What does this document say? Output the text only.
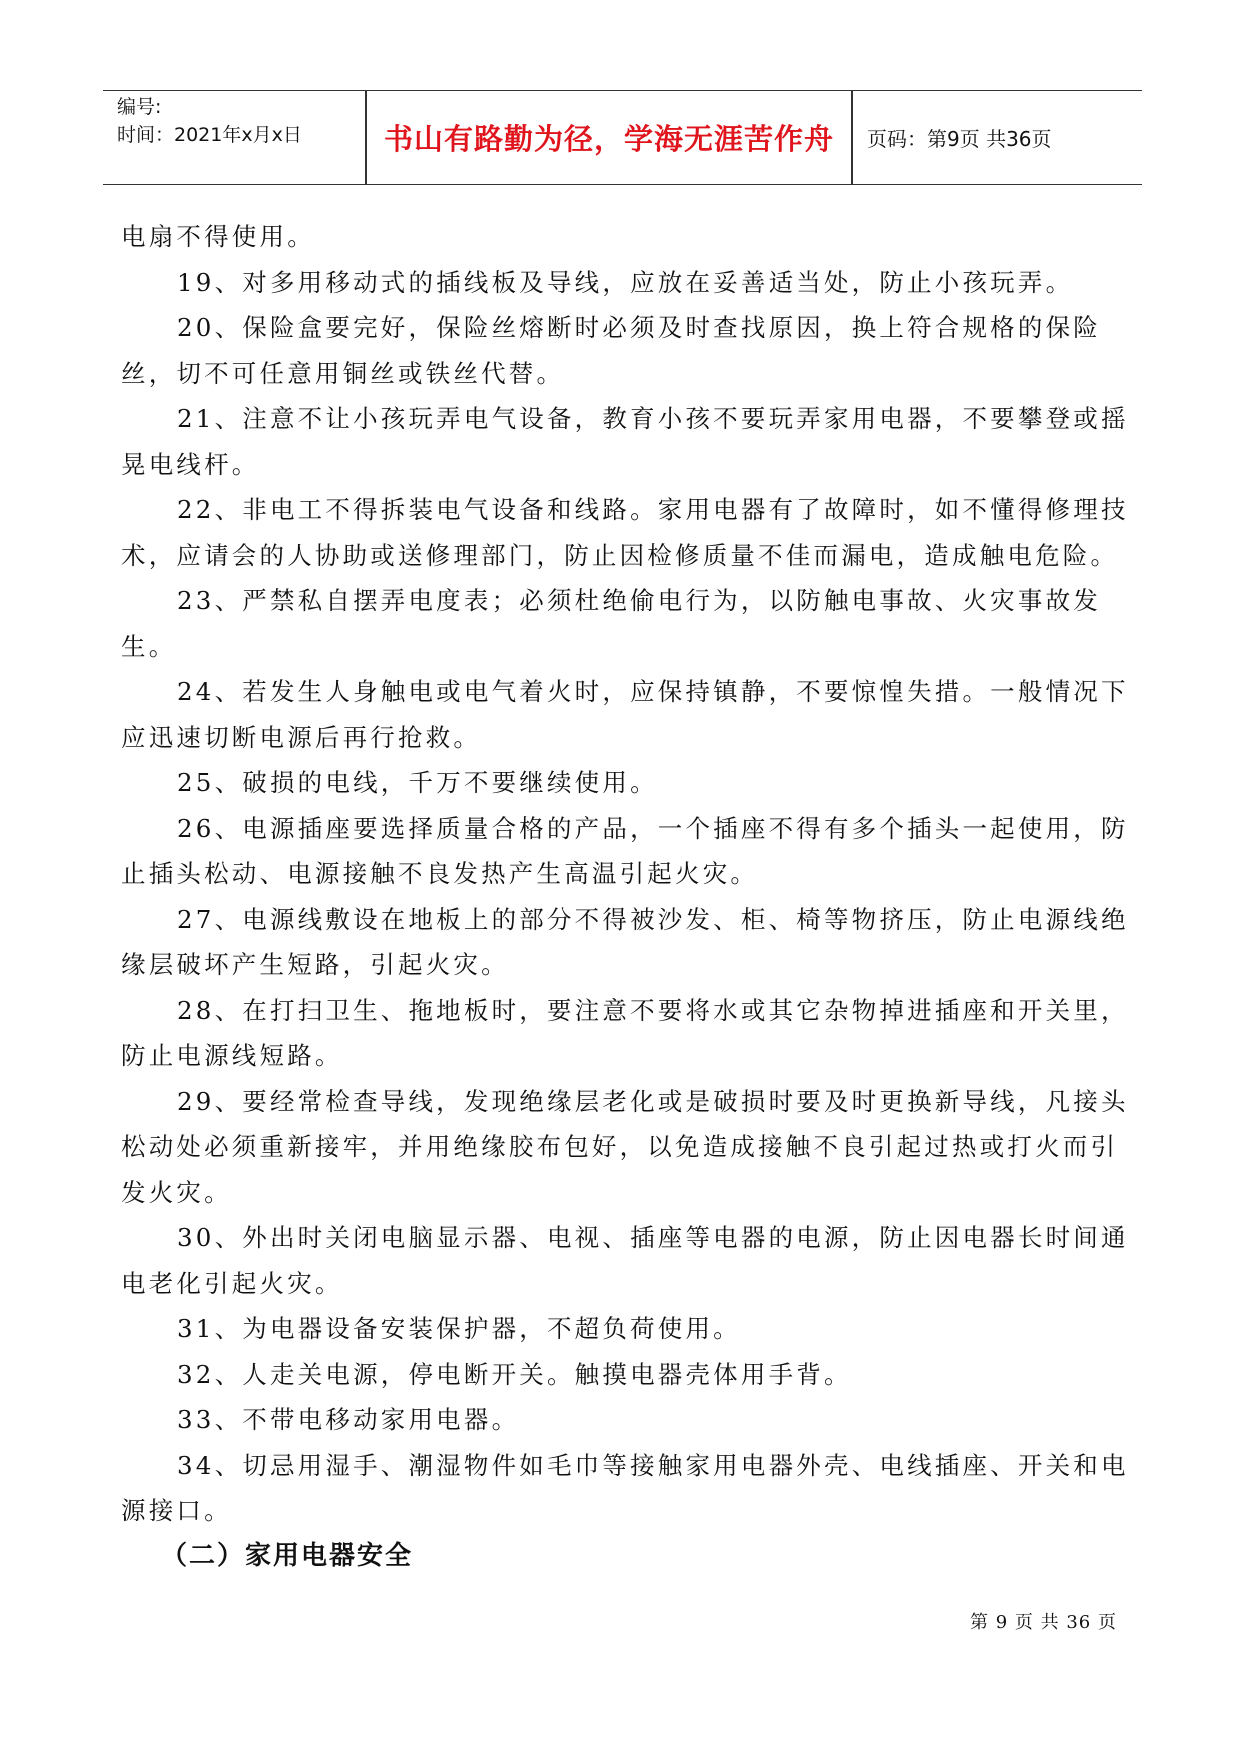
编号:
时间：2021年x月x日	书山有路勤为径，学海无涯苦作舟	页码：第9页 共36页

电扇不得使用。

19、对多用移动式的插线板及导线，应放在妥善适当处，防止小孩玩弄。

20、保险盒要完好，保险丝熔断时必须及时查找原因，换上符合规格的保险丝，切不可任意用铜丝或铁丝代替。

21、注意不让小孩玩弄电气设备，教育小孩不要玩弄家用电器，不要攀登或摇晃电线杆。

22、非电工不得拆装电气设备和线路。家用电器有了故障时，如不懂得修理技术，应请会的人协助或送修理部门，防止因检修质量不佳而漏电，造成触电危险。

23、严禁私自摆弄电度表；必须杜绝偷电行为，以防触电事故、火灾事故发生。

24、若发生人身触电或电气着火时，应保持镇静，不要惊惶失措。一般情况下应迅速切断电源后再行抢救。

25、破损的电线，千万不要继续使用。

26、电源插座要选择质量合格的产品，一个插座不得有多个插头一起使用，防止插头松动、电源接触不良发热产生高温引起火灾。

27、电源线敷设在地板上的部分不得被沙发、柜、椅等物挤压，防止电源线绝缘层破坏产生短路，引起火灾。

28、在打扫卫生、拖地板时，要注意不要将水或其它杂物掉进插座和开关里，防止电源线短路。

29、要经常检查导线，发现绝缘层老化或是破损时要及时更换新导线，凡接头松动处必须重新接牢，并用绝缘胶布包好，以免造成接触不良引起过热或打火而引发火灾。

30、外出时关闭电脑显示器、电视、插座等电器的电源，防止因电器长时间通电老化引起火灾。

31、为电器设备安装保护器，不超负荷使用。

32、人走关电源，停电断开关。触摸电器壳体用手背。

33、不带电移动家用电器。

34、切忌用湿手、潮湿物件如毛巾等接触家用电器外壳、电线插座、开关和电源接口。

（二）家用电器安全

第 9 页 共 36 页
